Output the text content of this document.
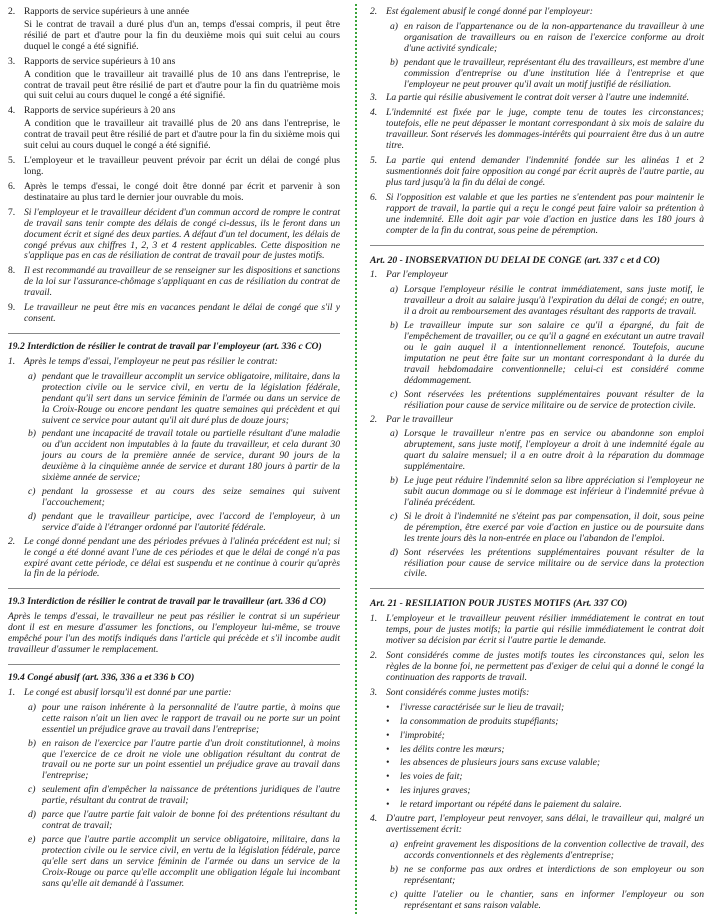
2. Rapports de service supérieurs à une année
Si le contrat de travail a duré plus d'un an, temps d'essai compris, il peut être résilié de part et d'autre pour la fin du deuxième mois qui suit celui au cours duquel le congé a été signifié.
3. Rapports de service supérieurs à 10 ans
A condition que le travailleur ait travaillé plus de 10 ans dans l'entreprise, le contrat de travail peut être résilié de part et d'autre pour la fin du quatrième mois qui suit celui au cours duquel le congé a été signifié.
4. Rapports de service supérieurs à 20 ans
A condition que le travailleur ait travaillé plus de 20 ans dans l'entreprise, le contrat de travail peut être résilié de part et d'autre pour la fin du sixième mois qui suit celui au cours duquel le congé a été signifié.
5. L'employeur et le travailleur peuvent prévoir par écrit un délai de congé plus long.
6. Après le temps d'essai, le congé doit être donné par écrit et parvenir à son destinataire au plus tard le dernier jour ouvrable du mois.
7. Si l'employeur et le travailleur décident d'un commun accord de rompre le contrat de travail sans tenir compte des délais de congé ci-dessus, ils le feront dans un document écrit et signé des deux parties. A défaut d'un tel document, les délais de congé prévus aux chiffres 1, 2, 3 et 4 restent applicables. Cette disposition ne s'applique pas en cas de résiliation de contrat de travail pour de justes motifs.
8. Il est recommandé au travailleur de se renseigner sur les dispositions et sanctions de la loi sur l'assurance-chômage s'appliquant en cas de résiliation du contrat de travail.
9. Le travailleur ne peut être mis en vacances pendant le délai de congé que s'il y consent.
19.2 Interdiction de résilier le contrat de travail par l'employeur (art. 336 c CO)
1. Après le temps d'essai, l'employeur ne peut pas résilier le contrat:
a) pendant que le travailleur accomplit un service obligatoire, militaire, dans la protection civile ou le service civil, en vertu de la législation fédérale, pendant qu'il sert dans un service féminin de l'armée ou dans un service de la Croix-Rouge ou encore pendant les quatre semaines qui précèdent et qui suivent ce service pour autant qu'il ait duré plus de douze jours;
b) pendant une incapacité de travail totale ou partielle résultant d'une maladie ou d'un accident non imputables à la faute du travailleur, et cela durant 30 jours au cours de la première année de service, durant 90 jours de la deuxième à la cinquième année de service et durant 180 jours à partir de la sixième année de service;
c) pendant la grossesse et au cours des seize semaines qui suivent l'accouchement;
d) pendant que le travailleur participe, avec l'accord de l'employeur, à un service d'aide à l'étranger ordonné par l'autorité fédérale.
2. Le congé donné pendant une des périodes prévues à l'alinéa précédent est nul; si le congé a été donné avant l'une de ces périodes et que le délai de congé n'a pas expiré avant cette période, ce délai est suspendu et ne continue à courir qu'après la fin de la période.
19.3 Interdiction de résilier le contrat de travail par le travailleur (art. 336 d CO)
Après le temps d'essai, le travailleur ne peut pas résilier le contrat si un supérieur dont il est en mesure d'assumer les fonctions, ou l'employeur lui-même, se trouve empêché pour l'un des motifs indiqués dans l'article qui précède et s'il incombe audit travailleur d'assumer le remplacement.
19.4 Congé abusif (art. 336, 336 a et 336 b CO)
1. Le congé est abusif lorsqu'il est donné par une partie:
a) pour une raison inhérente à la personnalité de l'autre partie, à moins que cette raison n'ait un lien avec le rapport de travail ou ne porte sur un point essentiel un préjudice grave au travail dans l'entreprise;
b) en raison de l'exercice par l'autre partie d'un droit constitutionnel, à moins que l'exercice de ce droit ne viole une obligation résultant du contrat de travail ou ne porte sur un point essentiel un préjudice grave au travail dans l'entreprise;
c) seulement afin d'empêcher la naissance de prétentions juridiques de l'autre partie, résultant du contrat de travail;
d) parce que l'autre partie fait valoir de bonne foi des prétentions résultant du contrat de travail;
e) parce que l'autre partie accomplit un service obligatoire, militaire, dans la protection civile ou le service civil, en vertu de la législation fédérale, parce qu'elle sert dans un service féminin de l'armée ou dans un service de la Croix-Rouge ou parce qu'elle accomplit une obligation légale lui incombant sans qu'elle ait demandé à l'assumer.
2. Est également abusif le congé donné par l'employeur:
a) en raison de l'appartenance ou de la non-appartenance du travailleur à une organisation de travailleurs ou en raison de l'exercice conforme au droit d'une activité syndicale;
b) pendant que le travailleur, représentant élu des travailleurs, est membre d'une commission d'entreprise ou d'une institution liée à l'entreprise et que l'employeur ne peut prouver qu'il avait un motif justifié de résiliation.
3. La partie qui résilie abusivement le contrat doit verser à l'autre une indemnité.
4. L'indemnité est fixée par le juge, compte tenu de toutes les circonstances; toutefois, elle ne peut dépasser le montant correspondant à six mois de salaire du travailleur. Sont réservés les dommages-intérêts qui pourraient être dus à un autre titre.
5. La partie qui entend demander l'indemnité fondée sur les alinéas 1 et 2 susmentionnés doit faire opposition au congé par écrit auprès de l'autre partie, au plus tard jusqu'à la fin du délai de congé.
6. Si l'opposition est valable et que les parties ne s'entendent pas pour maintenir le rapport de travail, la partie qui a reçu le congé peut faire valoir sa prétention à une indemnité. Elle doit agir par voie d'action en justice dans les 180 jours à compter de la fin du contrat, sous peine de péremption.
Art. 20 - INOBSERVATION DU DELAI DE CONGE (art. 337 c et d CO)
1. Par l'employeur
a) Lorsque l'employeur résilie le contrat immédiatement, sans juste motif, le travailleur a droit au salaire jusqu'à l'expiration du délai de congé; en outre, il a droit au remboursement des avantages résultant des rapports de travail.
b) Le travailleur impute sur son salaire ce qu'il a épargné, du fait de l'empêchement de travailler, ou ce qu'il a gagné en exécutant un autre travail ou le gain auquel il a intentionnellement renoncé. Toutefois, aucune imputation ne peut être faite sur un montant correspondant à la durée du travail hebdomadaire conventionnelle; celui-ci est considéré comme dédommagement.
c) Sont réservées les prétentions supplémentaires pouvant résulter de la résiliation pour cause de service militaire ou de service de protection civile.
2. Par le travailleur
a) Lorsque le travailleur n'entre pas en service ou abandonne son emploi abruptement, sans juste motif, l'employeur a droit à une indemnité égale au quart du salaire mensuel; il a en outre droit à la réparation du dommage supplémentaire.
b) Le juge peut réduire l'indemnité selon sa libre appréciation si l'employeur ne subit aucun dommage ou si le dommage est inférieur à l'indemnité prévue à l'alinéa précédent.
c) Si le droit à l'indemnité ne s'éteint pas par compensation, il doit, sous peine de péremption, être exercé par voie d'action en justice ou de poursuite dans les trente jours dès la non-entrée en place ou l'abandon de l'emploi.
d) Sont réservées les prétentions supplémentaires pouvant résulter de la résiliation pour cause de service militaire ou de service dans la protection civile.
Art. 21 - RESILIATION POUR JUSTES MOTIFS (Art. 337 CO)
1. L'employeur et le travailleur peuvent résilier immédiatement le contrat en tout temps, pour de justes motifs; la partie qui résilie immédiatement le contrat doit motiver sa décision par écrit si l'autre partie le demande.
2. Sont considérés comme de justes motifs toutes les circonstances qui, selon les règles de la bonne foi, ne permettent pas d'exiger de celui qui a donné le congé la continuation des rapports de travail.
3. Sont considérés comme justes motifs:
•	l'ivresse caractérisée sur le lieu de travail;
•	la consommation de produits stupéfiants;
•	l'improbité;
•	les délits contre les mœurs;
•	les absences de plusieurs jours sans excuse valable;
•	les voies de fait;
•	les injures graves;
•	le retard important ou répété dans le paiement du salaire.
4. D'autre part, l'employeur peut renvoyer, sans délai, le travailleur qui, malgré un avertissement écrit:
a) enfreint gravement les dispositions de la convention collective de travail, des accords conventionnels et des règlements d'entreprise;
b) ne se conforme pas aux ordres et interdictions de son employeur ou son représentant;
c) quitte l'atelier ou le chantier, sans en informer l'employeur ou son représentant et sans raison valable.
